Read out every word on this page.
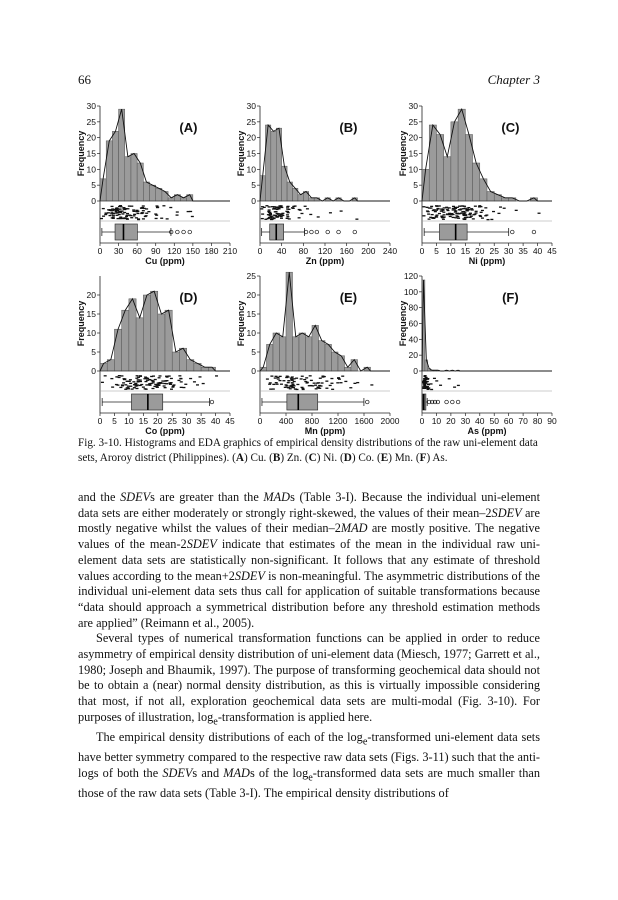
66	Chapter 3
0
5
10
15
20
25
30
Frequency
(A)
0 30 60 90 120 150 180 210
Cu (ppm)
0
5
10
15
20
25
30
Frequency
(B)
0 40 80 120 160 200 240
Zn (ppm)
0
5
10
15
20
25
30
Frequency
(C)
0 5 10 15 20 25 30 35 40 45
Ni (ppm)
0
5
10
15
20
Frequency
(D)
0 5 10 15 20 25 30 35 40 45
Co (ppm)
0
5
10
15
20
25
Frequency
(E)
0 400 800 1200 1600 2000
Mn (ppm)
0
20
40
60
80
100
120
Frequency
(F)
0 10 20 30 40 50 60 70 80 90
As (ppm)
Fig. 3-10. Histograms and EDA graphics of empirical density distributions of the raw uni-element data sets, Aroroy district (Philippines). (A) Cu. (B) Zn. (C) Ni. (D) Co. (E) Mn. (F) As.

and the SDEVs are greater than the MADs (Table 3-I). Because the individual uni-element data sets are either moderately or strongly right-skewed, the values of their mean–2SDEV are mostly negative whilst the values of their median–2MAD are mostly positive. The negative values of the mean-2SDEV indicate that estimates of the mean in the individual raw uni-element data sets are statistically non-significant. It follows that any estimate of threshold values according to the mean+2SDEV is non-meaningful. The asymmetric distributions of the individual uni-element data sets thus call for application of suitable transformations because “data should approach a symmetrical distribution before any threshold estimation methods are applied” (Reimann et al., 2005).

Several types of numerical transformation functions can be applied in order to reduce asymmetry of empirical density distribution of uni-element data (Miesch, 1977; Garrett et al., 1980; Joseph and Bhaumik, 1997). The purpose of transforming geochemical data should not be to obtain a (near) normal density distribution, as this is virtually impossible considering that most, if not all, exploration geochemical data sets are multi-modal (Fig. 3-10). For purposes of illustration, $\log_e$-transformation is applied here.

The empirical density distributions of each of the $\log_e$-transformed uni-element data sets have better symmetry compared to the respective raw data sets (Figs. 3-11) such that the anti-logs of both the SDEVs and MADs of the $\log_e$-transformed data sets are much smaller than those of the raw data sets (Table 3-I). The empirical density distributions of
